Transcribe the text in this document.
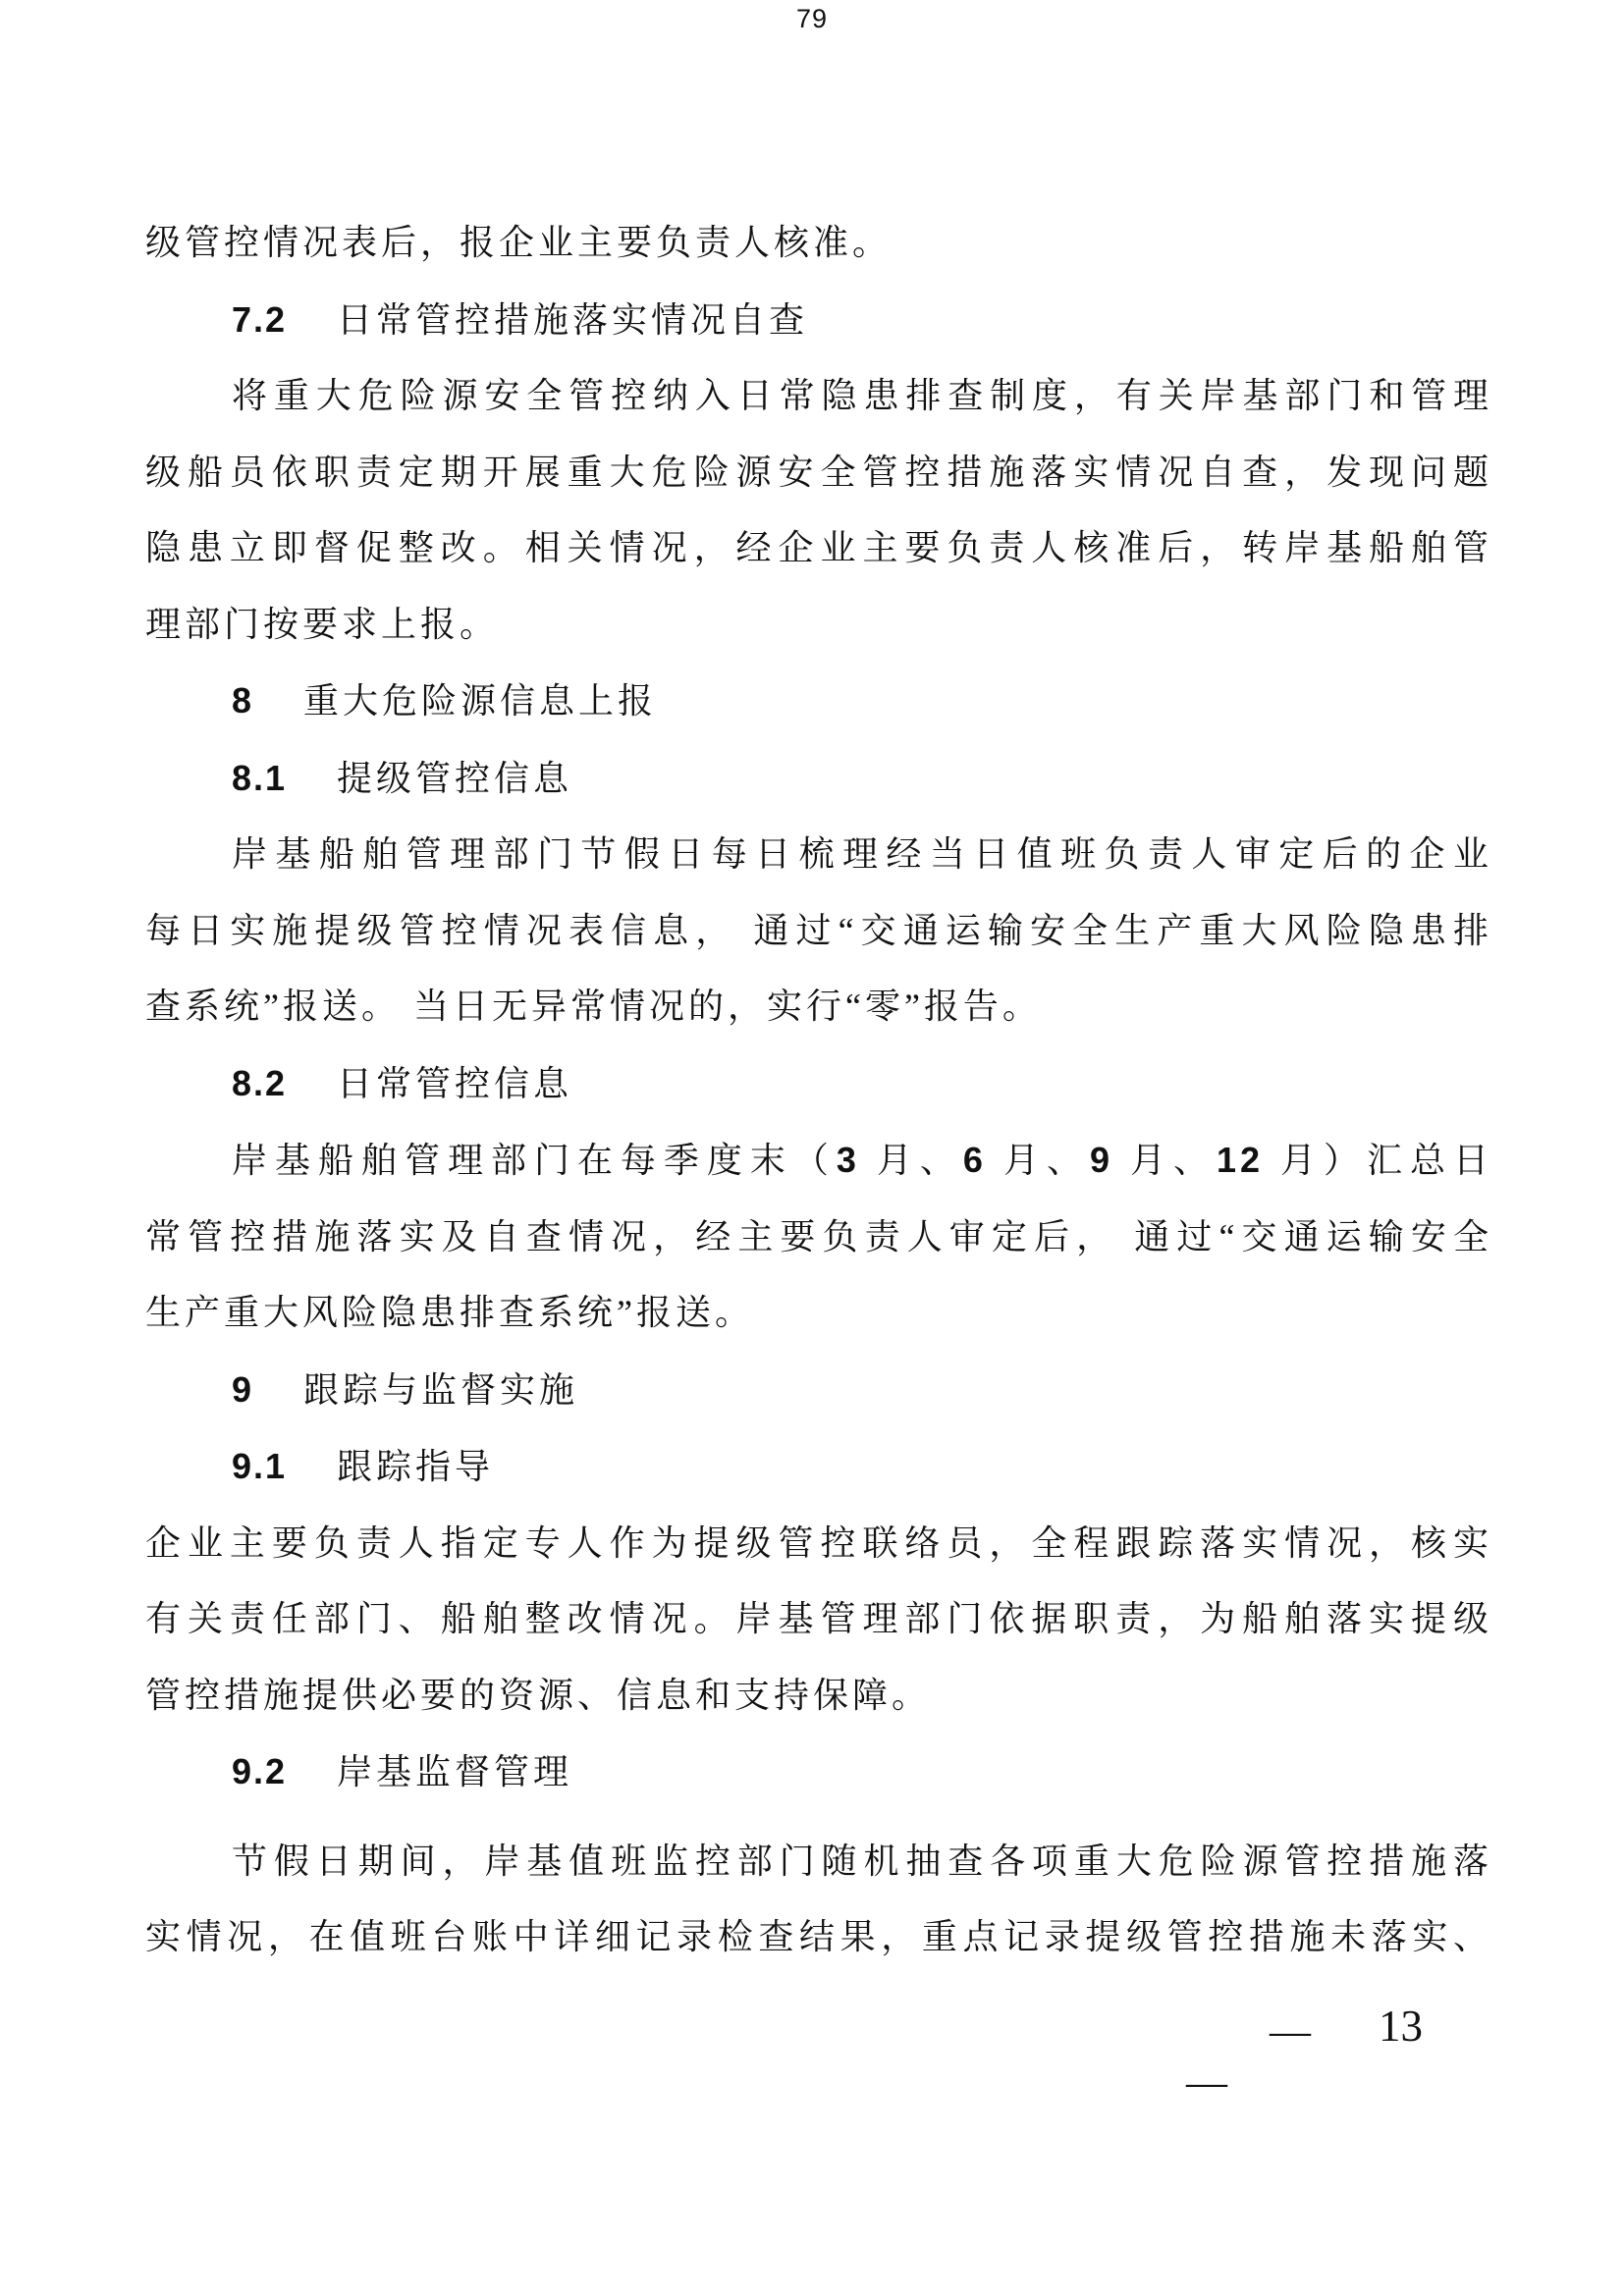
79
级管控情况表后，报企业主要负责人核准。
7.2 日常管控措施落实情况自查
将重大危险源安全管控纳入日常隐患排查制度，有关岸基部门和管理
级船员依职责定期开展重大危险源安全管控措施落实情况自查，发现问题
隐患立即督促整改。相关情况，经企业主要负责人核准后，转岸基船舶管
理部门按要求上报。
8 重大危险源信息上报
8.1 提级管控信息
岸基船舶管理部门节假日每日梳理经当日值班负责人审定后的企业
每日实施提级管控情况表信息， 通过“交通运输安全生产重大风险隐患排
查系统”报送。 当日无异常情况的，实行“零”报告。
8.2 日常管控信息
岸基船舶管理部门在每季度末（3 月、6 月、9 月、12 月）汇总日
常管控措施落实及自查情况，经主要负责人审定后， 通过“交通运输安全
生产重大风险隐患排查系统”报送。
9 跟踪与监督实施
9.1 跟踪指导
企业主要负责人指定专人作为提级管控联络员，全程跟踪落实情况，核实
有关责任部门、船舶整改情况。岸基管理部门依据职责，为船舶落实提级
管控措施提供必要的资源、信息和支持保障。
9.2 岸基监督管理
节假日期间，岸基值班监控部门随机抽查各项重大危险源管控措施落
实情况，在值班台账中详细记录检查结果，重点记录提级管控措施未落实、
— 13
—
